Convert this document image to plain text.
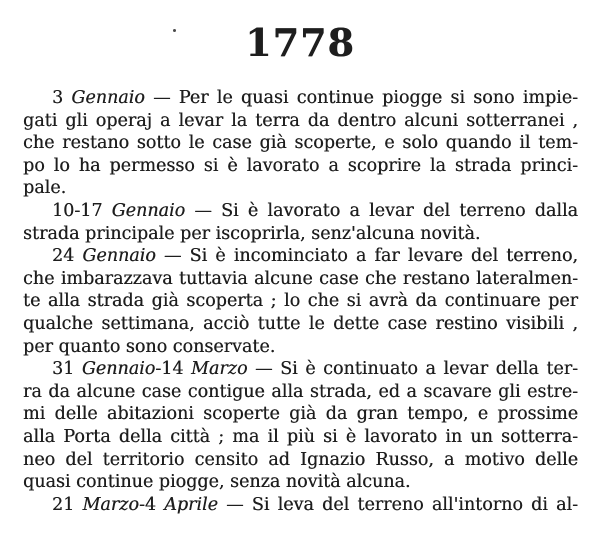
1778
3 Gennaio — Per le quasi continue piogge si sono impie-
gati gli operaj a levar la terra da dentro alcuni sotterranei ,
che restano sotto le case già scoperte, e solo quando il tem-
po lo ha permesso si è lavorato a scoprire la strada princi-
pale.
10-17 Gennaio — Si è lavorato a levar del terreno dalla
strada principale per iscoprirla, senz'alcuna novità.
24 Gennaio — Si è incominciato a far levare del terreno,
che imbarazzava tuttavia alcune case che restano lateralmen-
te alla strada già scoperta ; lo che si avrà da continuare per
qualche settimana, acciò tutte le dette case restino visibili ,
per quanto sono conservate.
31 Gennaio-14 Marzo — Si è continuato a levar della ter-
ra da alcune case contigue alla strada, ed a scavare gli estre-
mi delle abitazioni scoperte già da gran tempo, e prossime
alla Porta della città ; ma il più si è lavorato in un sotterra-
neo del territorio censito ad Ignazio Russo, a motivo delle
quasi continue piogge, senza novità alcuna.
21 Marzo-4 Aprile — Si leva del terreno all'intorno di al-
